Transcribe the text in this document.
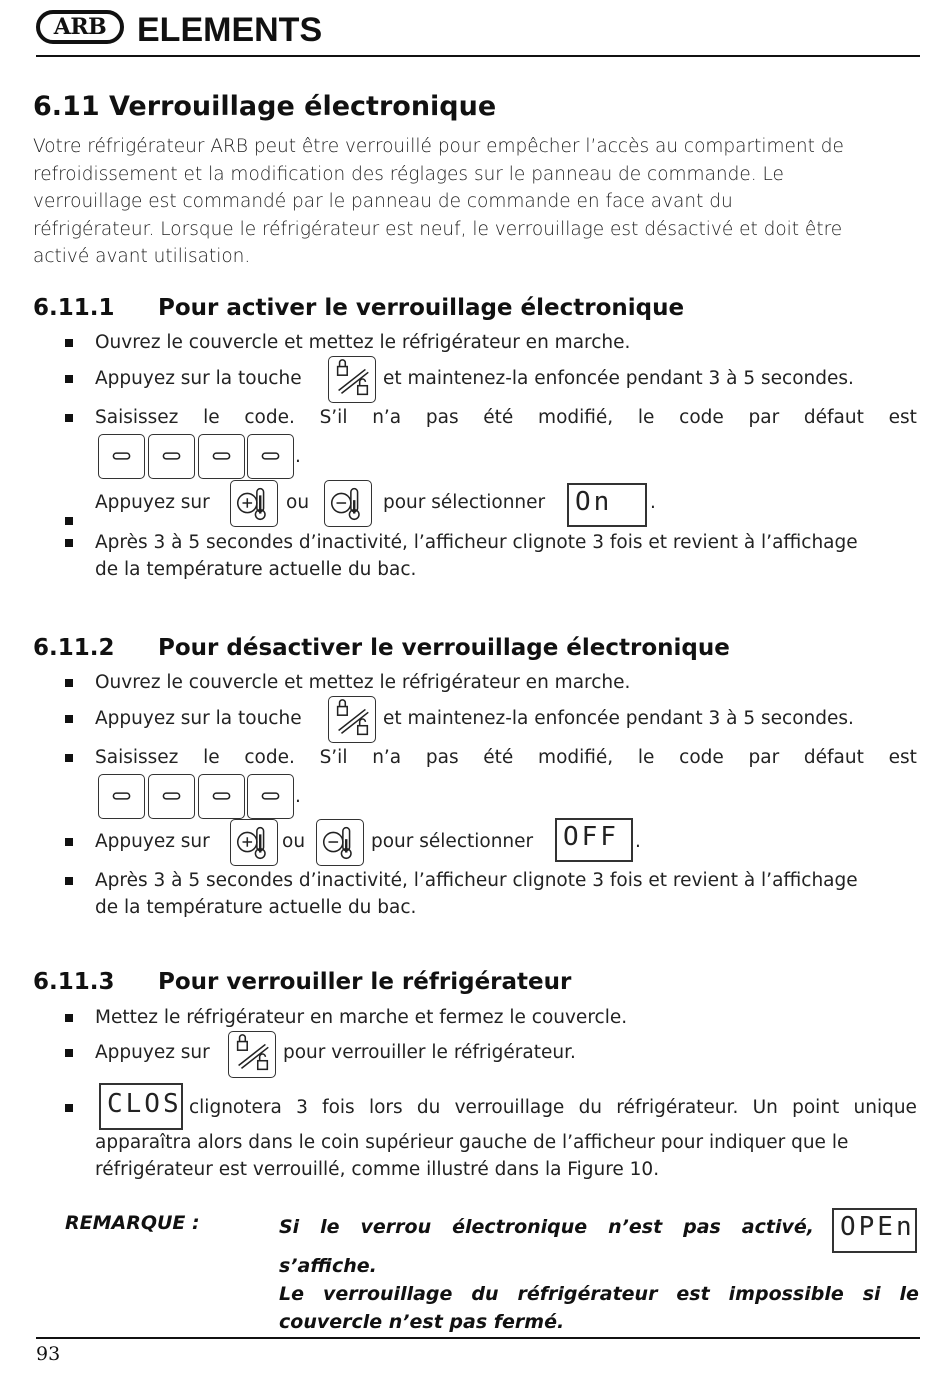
ARB ELEMENTS
6.11 Verrouillage électronique
Votre réfrigérateur ARB peut être verrouillé pour empêcher l’accès au compartiment de
refroidissement et la modification des réglages sur le panneau de commande. Le
verrouillage est commandé par le panneau de commande en face avant du
réfrigérateur. Lorsque le réfrigérateur est neuf, le verrouillage est désactivé et doit être
activé avant utilisation.
6.11.1 Pour activer le verrouillage électronique
Ouvrez le couvercle et mettez le réfrigérateur en marche.
Appuyez sur la touche	et maintenez-la enfoncée pendant 3 à 5 secondes.
Saisissez le code. S’il n’a pas été modifié, le code par défaut est
.
Appuyez sur	ou	pour sélectionner	On	.
Après 3 à 5 secondes d’inactivité, l’afficheur clignote 3 fois et revient à l’affichage
de la température actuelle du bac.
6.11.2 Pour désactiver le verrouillage électronique
Ouvrez le couvercle et mettez le réfrigérateur en marche.
Appuyez sur la touche	et maintenez-la enfoncée pendant 3 à 5 secondes.
Saisissez le code. S’il n’a pas été modifié, le code par défaut est
.
Appuyez sur	ou	pour sélectionner	OFF .
Après 3 à 5 secondes d’inactivité, l’afficheur clignote 3 fois et revient à l’affichage
de la température actuelle du bac.
6.11.3 Pour verrouiller le réfrigérateur
Mettez le réfrigérateur en marche et fermez le couvercle.
Appuyez sur	pour verrouiller le réfrigérateur.
CLOS clignotera 3 fois lors du verrouillage du réfrigérateur. Un point unique
apparaîtra alors dans le coin supérieur gauche de l’afficheur pour indiquer que le
réfrigérateur est verrouillé, comme illustré dans la Figure 10.
REMARQUE :	Si le verrou électronique n’est pas activé,	OPEn
s’affiche.
Le verrouillage du réfrigérateur est impossible si le
couvercle n’est pas fermé.
93
